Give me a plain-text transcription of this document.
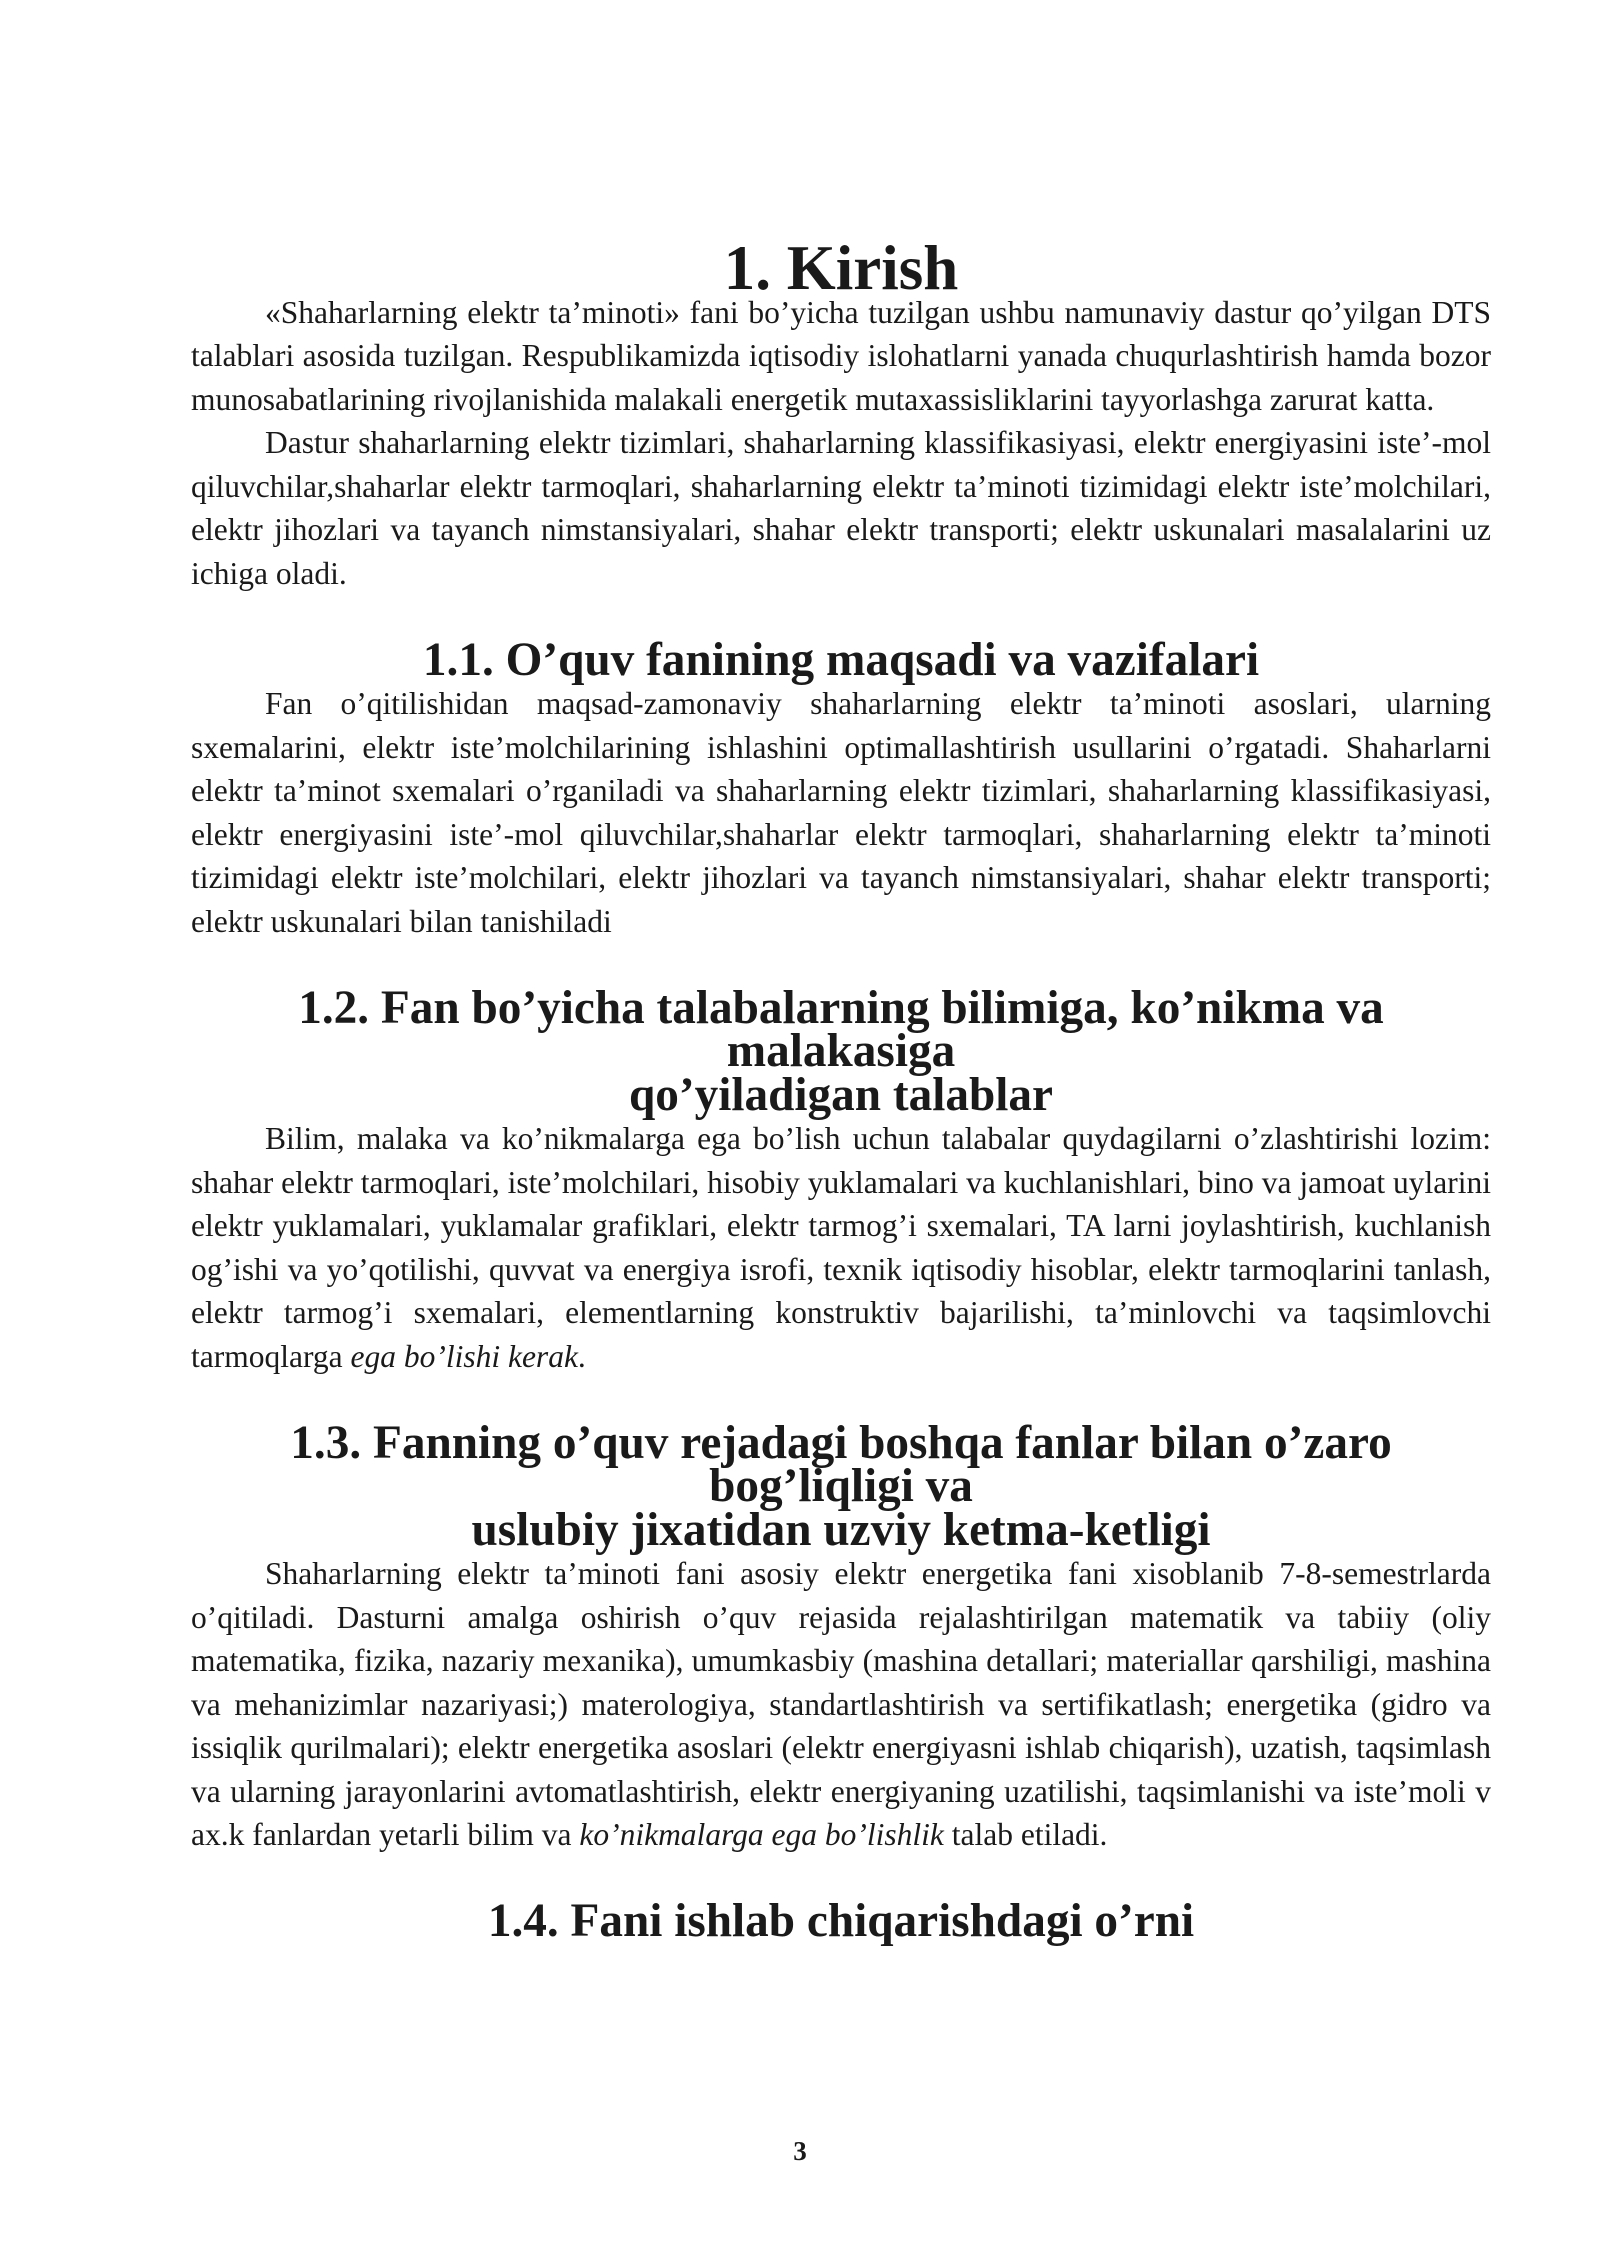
1. Kirish

«Shaharlarning elektr ta’minoti» fani bo’yicha tuzilgan ushbu namunaviy dastur qo’yilgan DTS talablari asosida tuzilgan. Respublikamizda iqtisodiy islohatlarni yanada chuqurlashtirish hamda bozor munosabatlarining rivojlanishida malakali energetik mutaxassisliklarini tayyorlashga zarurat katta.

Dastur shaharlarning elektr tizimlari, shaharlarning klassifikasiyasi, elektr energiyasini iste’-mol qiluvchilar,shaharlar elektr tarmoqlari, shaharlarning elektr ta’minoti tizimidagi elektr iste’molchilari, elektr jihozlari va tayanch nimstansiyalari, shahar elektr transporti; elektr uskunalari masalalarini uz ichiga oladi.

1.1. O’quv fanining maqsadi va vazifalari

Fan o’qitilishidan maqsad-zamonaviy shaharlarning elektr ta’minoti asoslari, ularning sxemalarini, elektr iste’molchilarining ishlashini optimallashtirish usullarini o’rgatadi. Shaharlarni elektr ta’minot sxemalari o’rganiladi va shaharlarning elektr tizimlari, shaharlarning klassifikasiyasi, elektr energiyasini iste’-mol qiluvchilar,shaharlar elektr tarmoqlari, shaharlarning elektr ta’minoti tizimidagi elektr iste’molchilari, elektr jihozlari va tayanch nimstansiyalari, shahar elektr transporti; elektr uskunalari bilan tanishiladi

1.2. Fan bo’yicha talabalarning bilimiga, ko’nikma va malakasiga
qo’yiladigan talablar

Bilim, malaka va ko’nikmalarga ega bo’lish uchun talabalar quydagilarni o’zlashtirishi lozim: shahar elektr tarmoqlari, iste’molchilari, hisobiy yuklamalari va kuchlanishlari, bino va jamoat uylarini elektr yuklamalari, yuklamalar grafiklari, elektr tarmog’i sxemalari, TA larni joylashtirish, kuchlanish og’ishi va yo’qotilishi, quvvat va energiya isrofi, texnik iqtisodiy hisoblar, elektr tarmoqlarini tanlash, elektr tarmog’i sxemalari, elementlarning konstruktiv bajarilishi, ta’minlovchi va taqsimlovchi tarmoqlarga ega bo’lishi kerak.

1.3. Fanning o’quv rejadagi boshqa fanlar bilan o’zaro bog’liqligi va
uslubiy jixatidan uzviy ketma-ketligi

Shaharlarning elektr ta’minoti fani asosiy elektr energetika fani xisoblanib 7-8-semestrlarda o’qitiladi. Dasturni amalga oshirish o’quv rejasida rejalashtirilgan matematik va tabiiy (oliy matematika, fizika, nazariy mexanika), umumkasbiy (mashina detallari; materiallar qarshiligi, mashina va mehanizimlar nazariyasi;) materologiya, standartlashtirish va sertifikatlash; energetika (gidro va issiqlik qurilmalari); elektr energetika asoslari (elektr energiyasni ishlab chiqarish), uzatish, taqsimlash va ularning jarayonlarini avtomatlashtirish, elektr energiyaning uzatilishi, taqsimlanishi va iste’moli v ax.k fanlardan yetarli bilim va ko’nikmalarga ega bo’lishlik talab etiladi.

1.4. Fani ishlab chiqarishdagi o’rni
3
